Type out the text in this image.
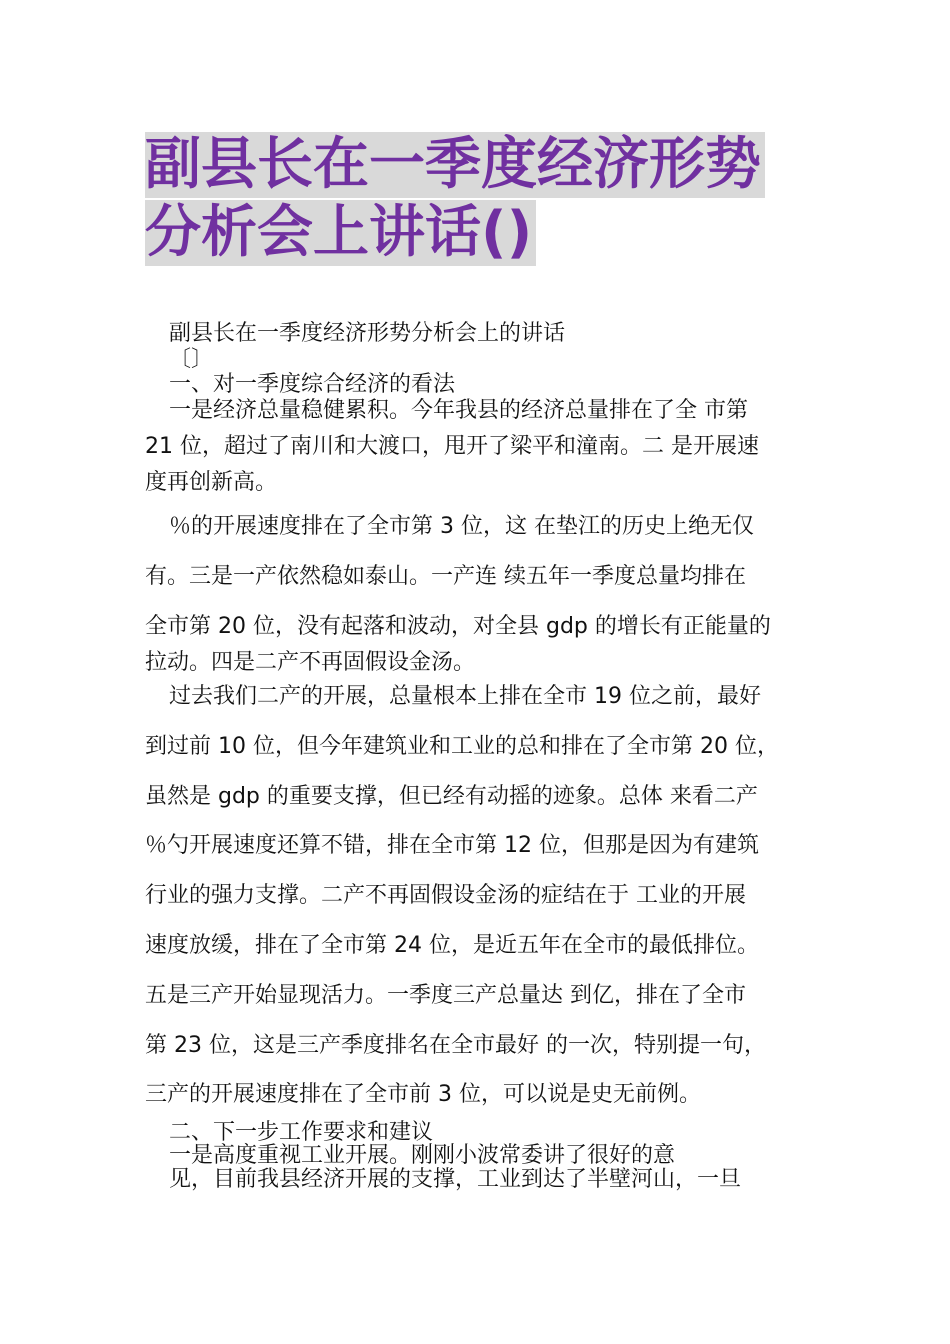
副县长在一季度经济形势
分析会上讲话()
副县长在一季度经济形势分析会上的讲话
〔〕
一、对一季度综合经济的看法
一是经济总量稳健累积。今年我县的经济总量排在了全 市第
21 位，超过了南川和大渡口，甩开了梁平和潼南。二 是开展速
度再创新高。
％的开展速度排在了全市第 3 位，这 在垫江的历史上绝无仅
有。三是一产依然稳如泰山。一产连 续五年一季度总量均排在
全市第 20 位，没有起落和波动，对全县 gdp 的增长有正能量的
拉动。四是二产不再固假设金汤。
过去我们二产的开展，总量根本上排在全市 19 位之前，最好
到过前 10 位，但今年建筑业和工业的总和排在了全市第 20 位，
虽然是 gdp 的重要支撑，但已经有动摇的迹象。总体 来看二产
％勺开展速度还算不错，排在全市第 12 位，但那是因为有建筑
行业的强力支撑。二产不再固假设金汤的症结在于 工业的开展
速度放缓，排在了全市第 24 位，是近五年在全市的最低排位。
五是三产开始显现活力。一季度三产总量达 到亿，排在了全市
第 23 位，这是三产季度排名在全市最好 的一次，特别提一句，
三产的开展速度排在了全市前 3 位，可以说是史无前例。
二、下一步工作要求和建议
一是高度重视工业开展。刚刚小波常委讲了很好的意
见，目前我县经济开展的支撑，工业到达了半壁河山，一旦
